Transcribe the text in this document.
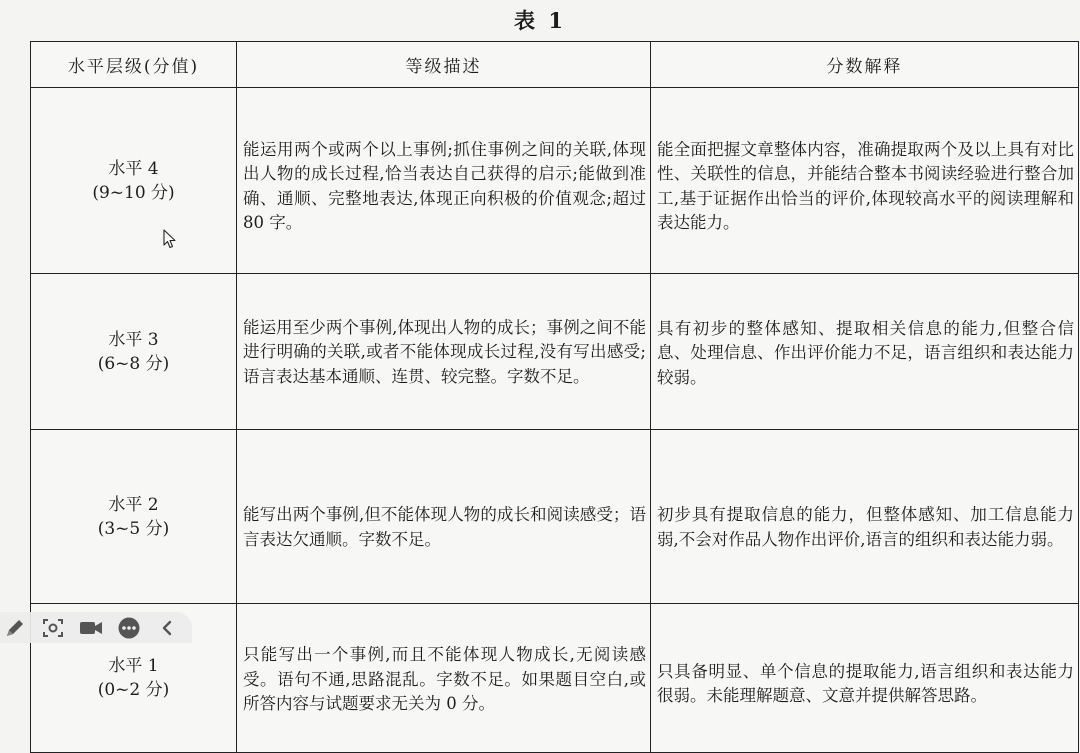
表 1
水平层级(分值)	等级描述	分数解释

水平 4
(9~10 分)	能运用两个或两个以上事例;抓住事例之间的关联,体现出人物的成长过程,恰当表达自己获得的启示;能做到准确、通顺、完整地表达,体现正向积极的价值观念;超过 80 字。	能全面把握文章整体内容，准确提取两个及以上具有对比性、关联性的信息，并能结合整本书阅读经验进行整合加工,基于证据作出恰当的评价,体现较高水平的阅读理解和表达能力。

水平 3
(6~8 分)	能运用至少两个事例,体现出人物的成长；事例之间不能进行明确的关联,或者不能体现成长过程,没有写出感受;语言表达基本通顺、连贯、较完整。字数不足。	具有初步的整体感知、提取相关信息的能力,但整合信息、处理信息、作出评价能力不足，语言组织和表达能力较弱。

水平 2
(3~5 分)	能写出两个事例,但不能体现人物的成长和阅读感受；语言表达欠通顺。字数不足。	初步具有提取信息的能力，但整体感知、加工信息能力弱,不会对作品人物作出评价,语言的组织和表达能力弱。

水平 1
(0~2 分)	只能写出一个事例,而且不能体现人物成长,无阅读感受。语句不通,思路混乱。字数不足。如果题目空白,或所答内容与试题要求无关为 0 分。	只具备明显、单个信息的提取能力,语言组织和表达能力很弱。未能理解题意、文意并提供解答思路。
